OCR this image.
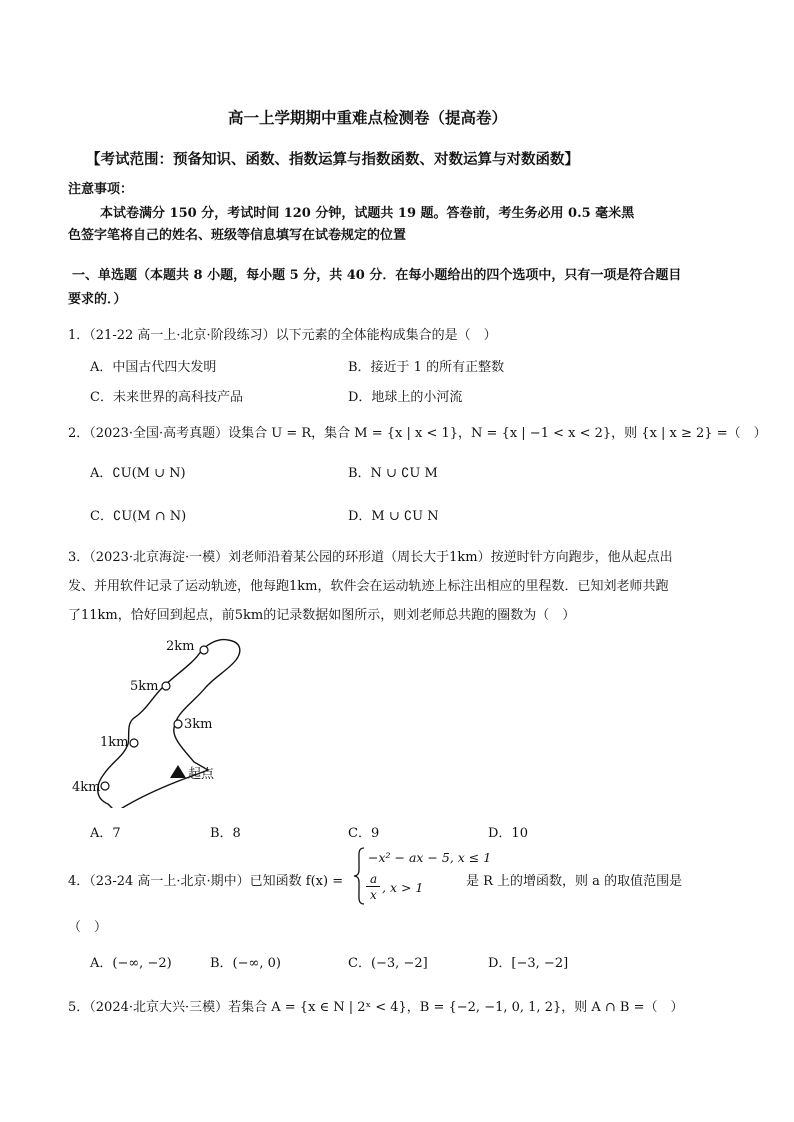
高一上学期期中重难点检测卷（提高卷）
【考试范围：预备知识、函数、指数运算与指数函数、对数运算与对数函数】
注意事项：
本试卷满分 150 分，考试时间 120 分钟，试题共 19 题。答卷前，考生务必用 0.5 毫米黑
色签字笔将自己的姓名、班级等信息填写在试卷规定的位置
一、单选题（本题共 8 小题，每小题 5 分，共 40 分．在每小题给出的四个选项中，只有一项是符合题目
要求的．）
1．（21-22 高一上·北京·阶段练习）以下元素的全体能构成集合的是（　）
A．中国古代四大发明	B．接近于 1 的所有正整数
C．未来世界的高科技产品	D．地球上的小河流
2．（2023·全国·高考真题）设集合 U = R，集合 M = {x | x < 1}，N = {x | −1 < x < 2}，则 {x | x ≥ 2} =（　）
A．∁U(M ∪ N)	B．N ∪ ∁U M
C．∁U(M ∩ N)	D．M ∪ ∁U N
3．（2023·北京海淀·一模）刘老师沿着某公园的环形道（周长大于1km）按逆时针方向跑步，他从起点出
发、并用软件记录了运动轨迹，他每跑1km，软件会在运动轨迹上标注出相应的里程数．已知刘老师共跑
了11km，恰好回到起点，前5km的记录数据如图所示，则刘老师总共跑的圈数为（　）
2km
5km
3km
1km
4km
起点
A．7	B．8	C．9	D．10
4．（23-24 高一上·北京·期中）已知函数 f(x) =
−x² − ax − 5, x ≤ 1
a
x , x > 1	是 R 上的增函数，则 a 的取值范围是
（　）
A．(−∞, −2)	B．(−∞, 0)	C．(−3, −2]	D．[−3, −2]
5．（2024·北京大兴·三模）若集合 A = {x ∈ N | 2ˣ < 4}，B = {−2, −1, 0, 1, 2}，则 A ∩ B =（　）
